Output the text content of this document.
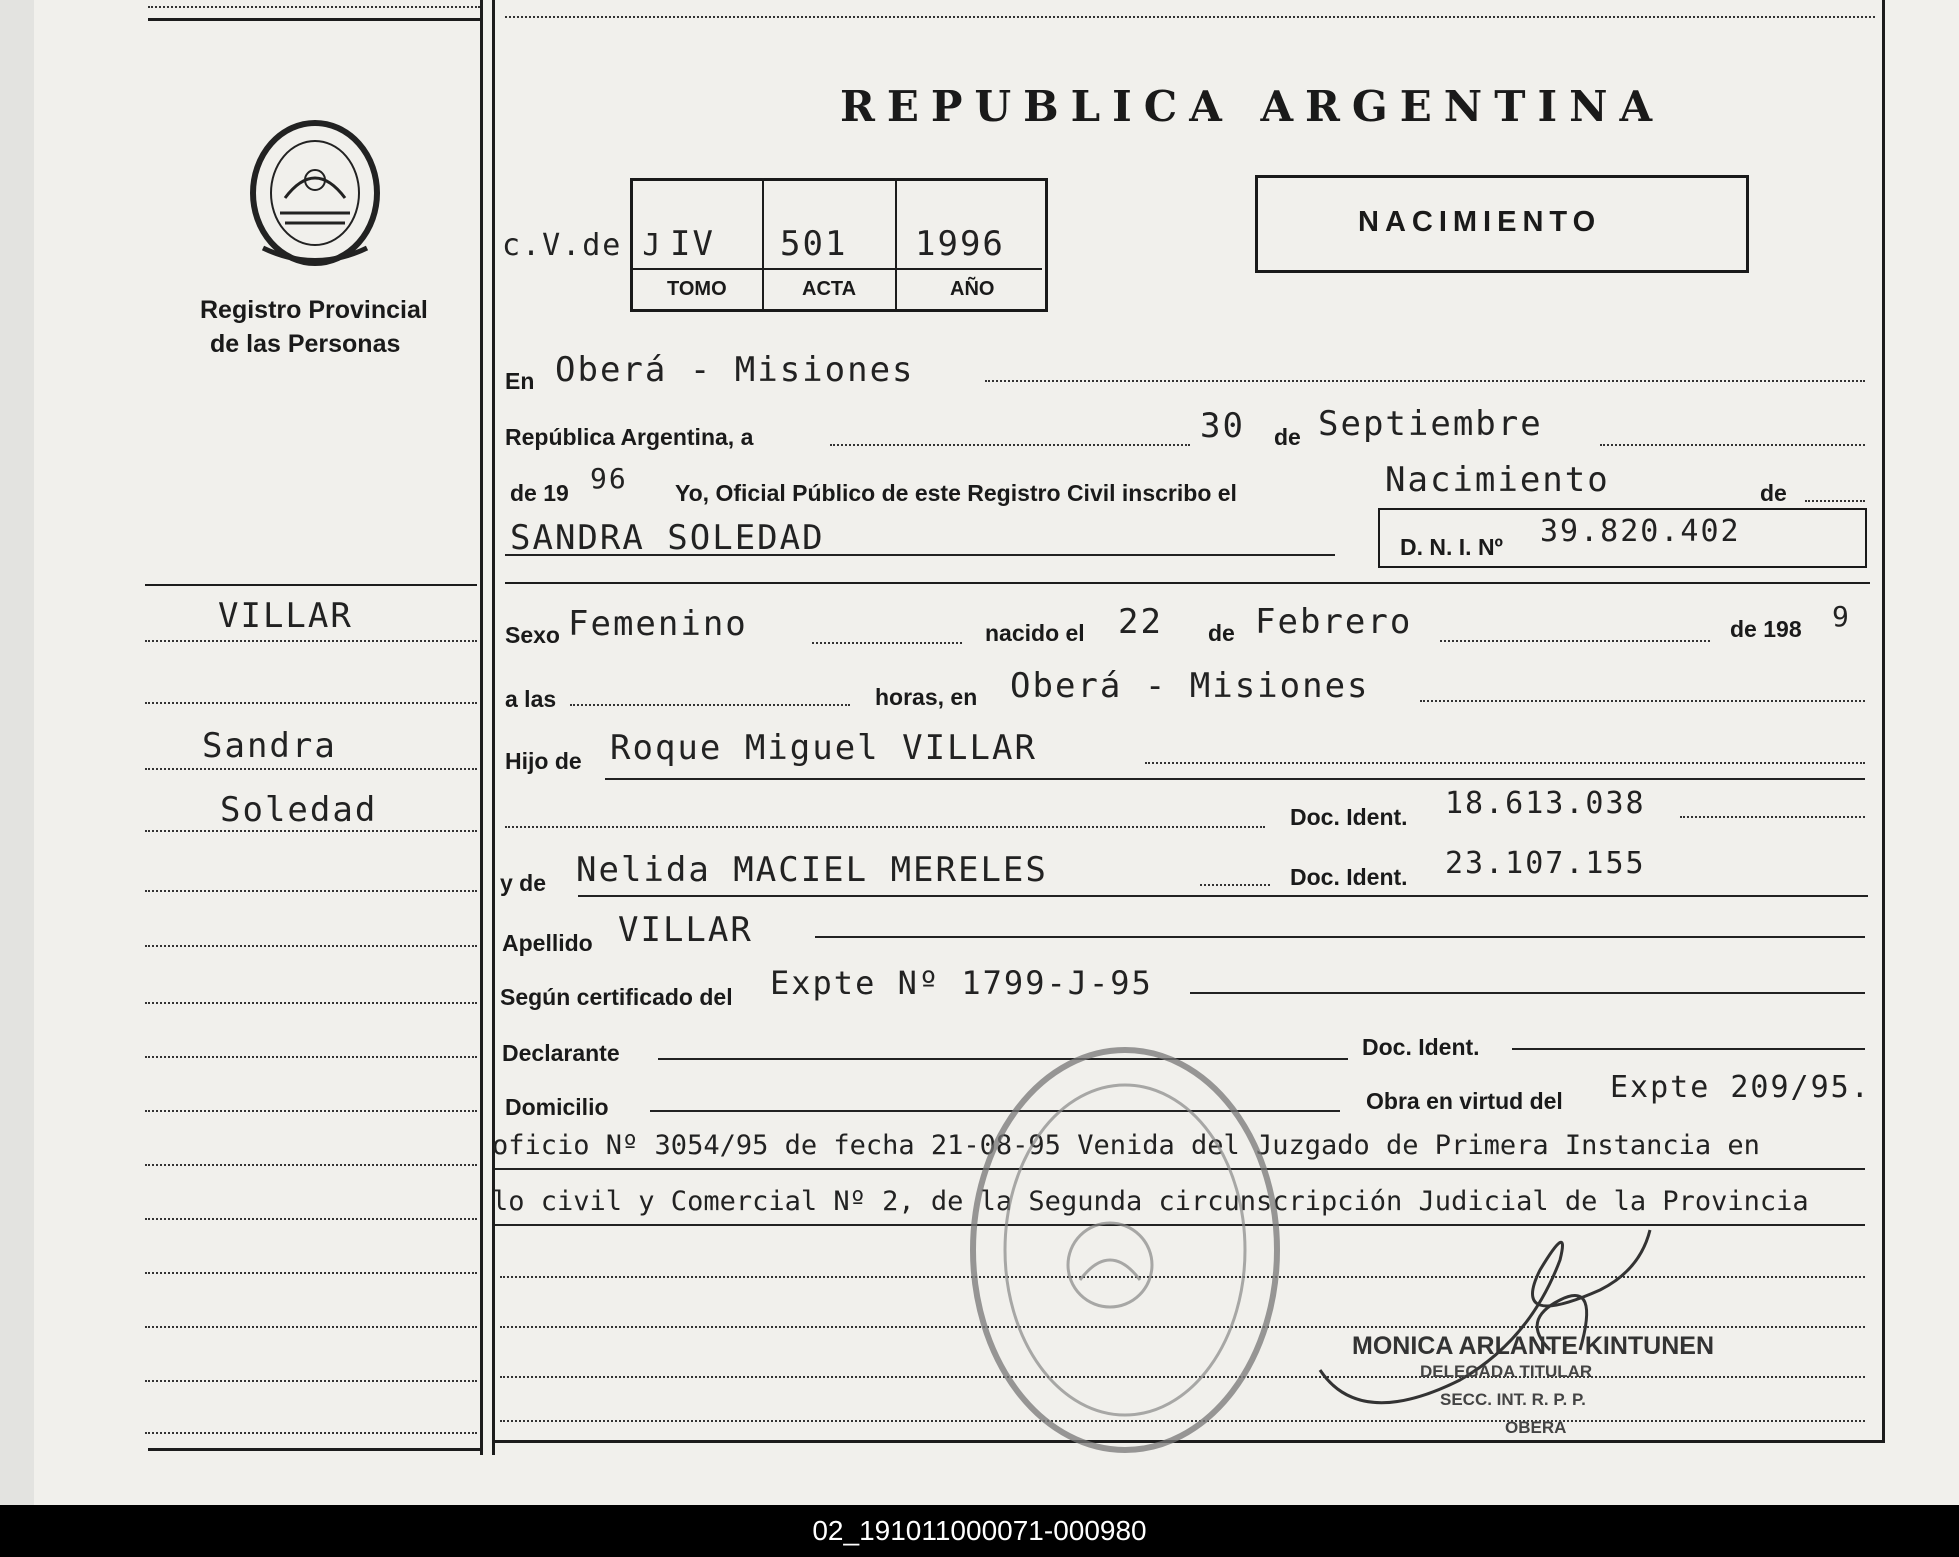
Registro Provincial
de las Personas
REPUBLICA ARGENTINA
c.V.de J IV 501 1996
TOMO	ACTA	AÑO
NACIMIENTO
VILLAR
Sandra
Soledad
En Oberá - Misiones
República Argentina, a	30 de Septiembre
de 19 96 Yo, Oficial Público de este Registro Civil inscribo el	Nacimiento	de
SANDRA SOLEDAD	D. N. I. Nº 39.820.402
Sexo Femenino	nacido el 22 de Febrero	de 198 9
a las	horas, en Oberá - Misiones
Hijo de Roque Miguel VILLAR
Doc. Ident. 18.613.038
y de Nelida MACIEL MERELES	Doc. Ident. 23.107.155
Apellido VILLAR
Según certificado del Expte Nº 1799-J-95
Declarante	Doc. Ident.
Domicilio	Obra en virtud del Expte 209/95.
oficio Nº 3054/95 de fecha 21-08-95 Venida del Juzgado de Primera Instancia en
lo civil y Comercial Nº 2, de la Segunda circunscripción Judicial de la Provincia
MONICA ARLANTE KINTUNEN
DELEGADA TITULAR
SECC. INT. R. P. P.
OBERA
02_191011000071-000980
